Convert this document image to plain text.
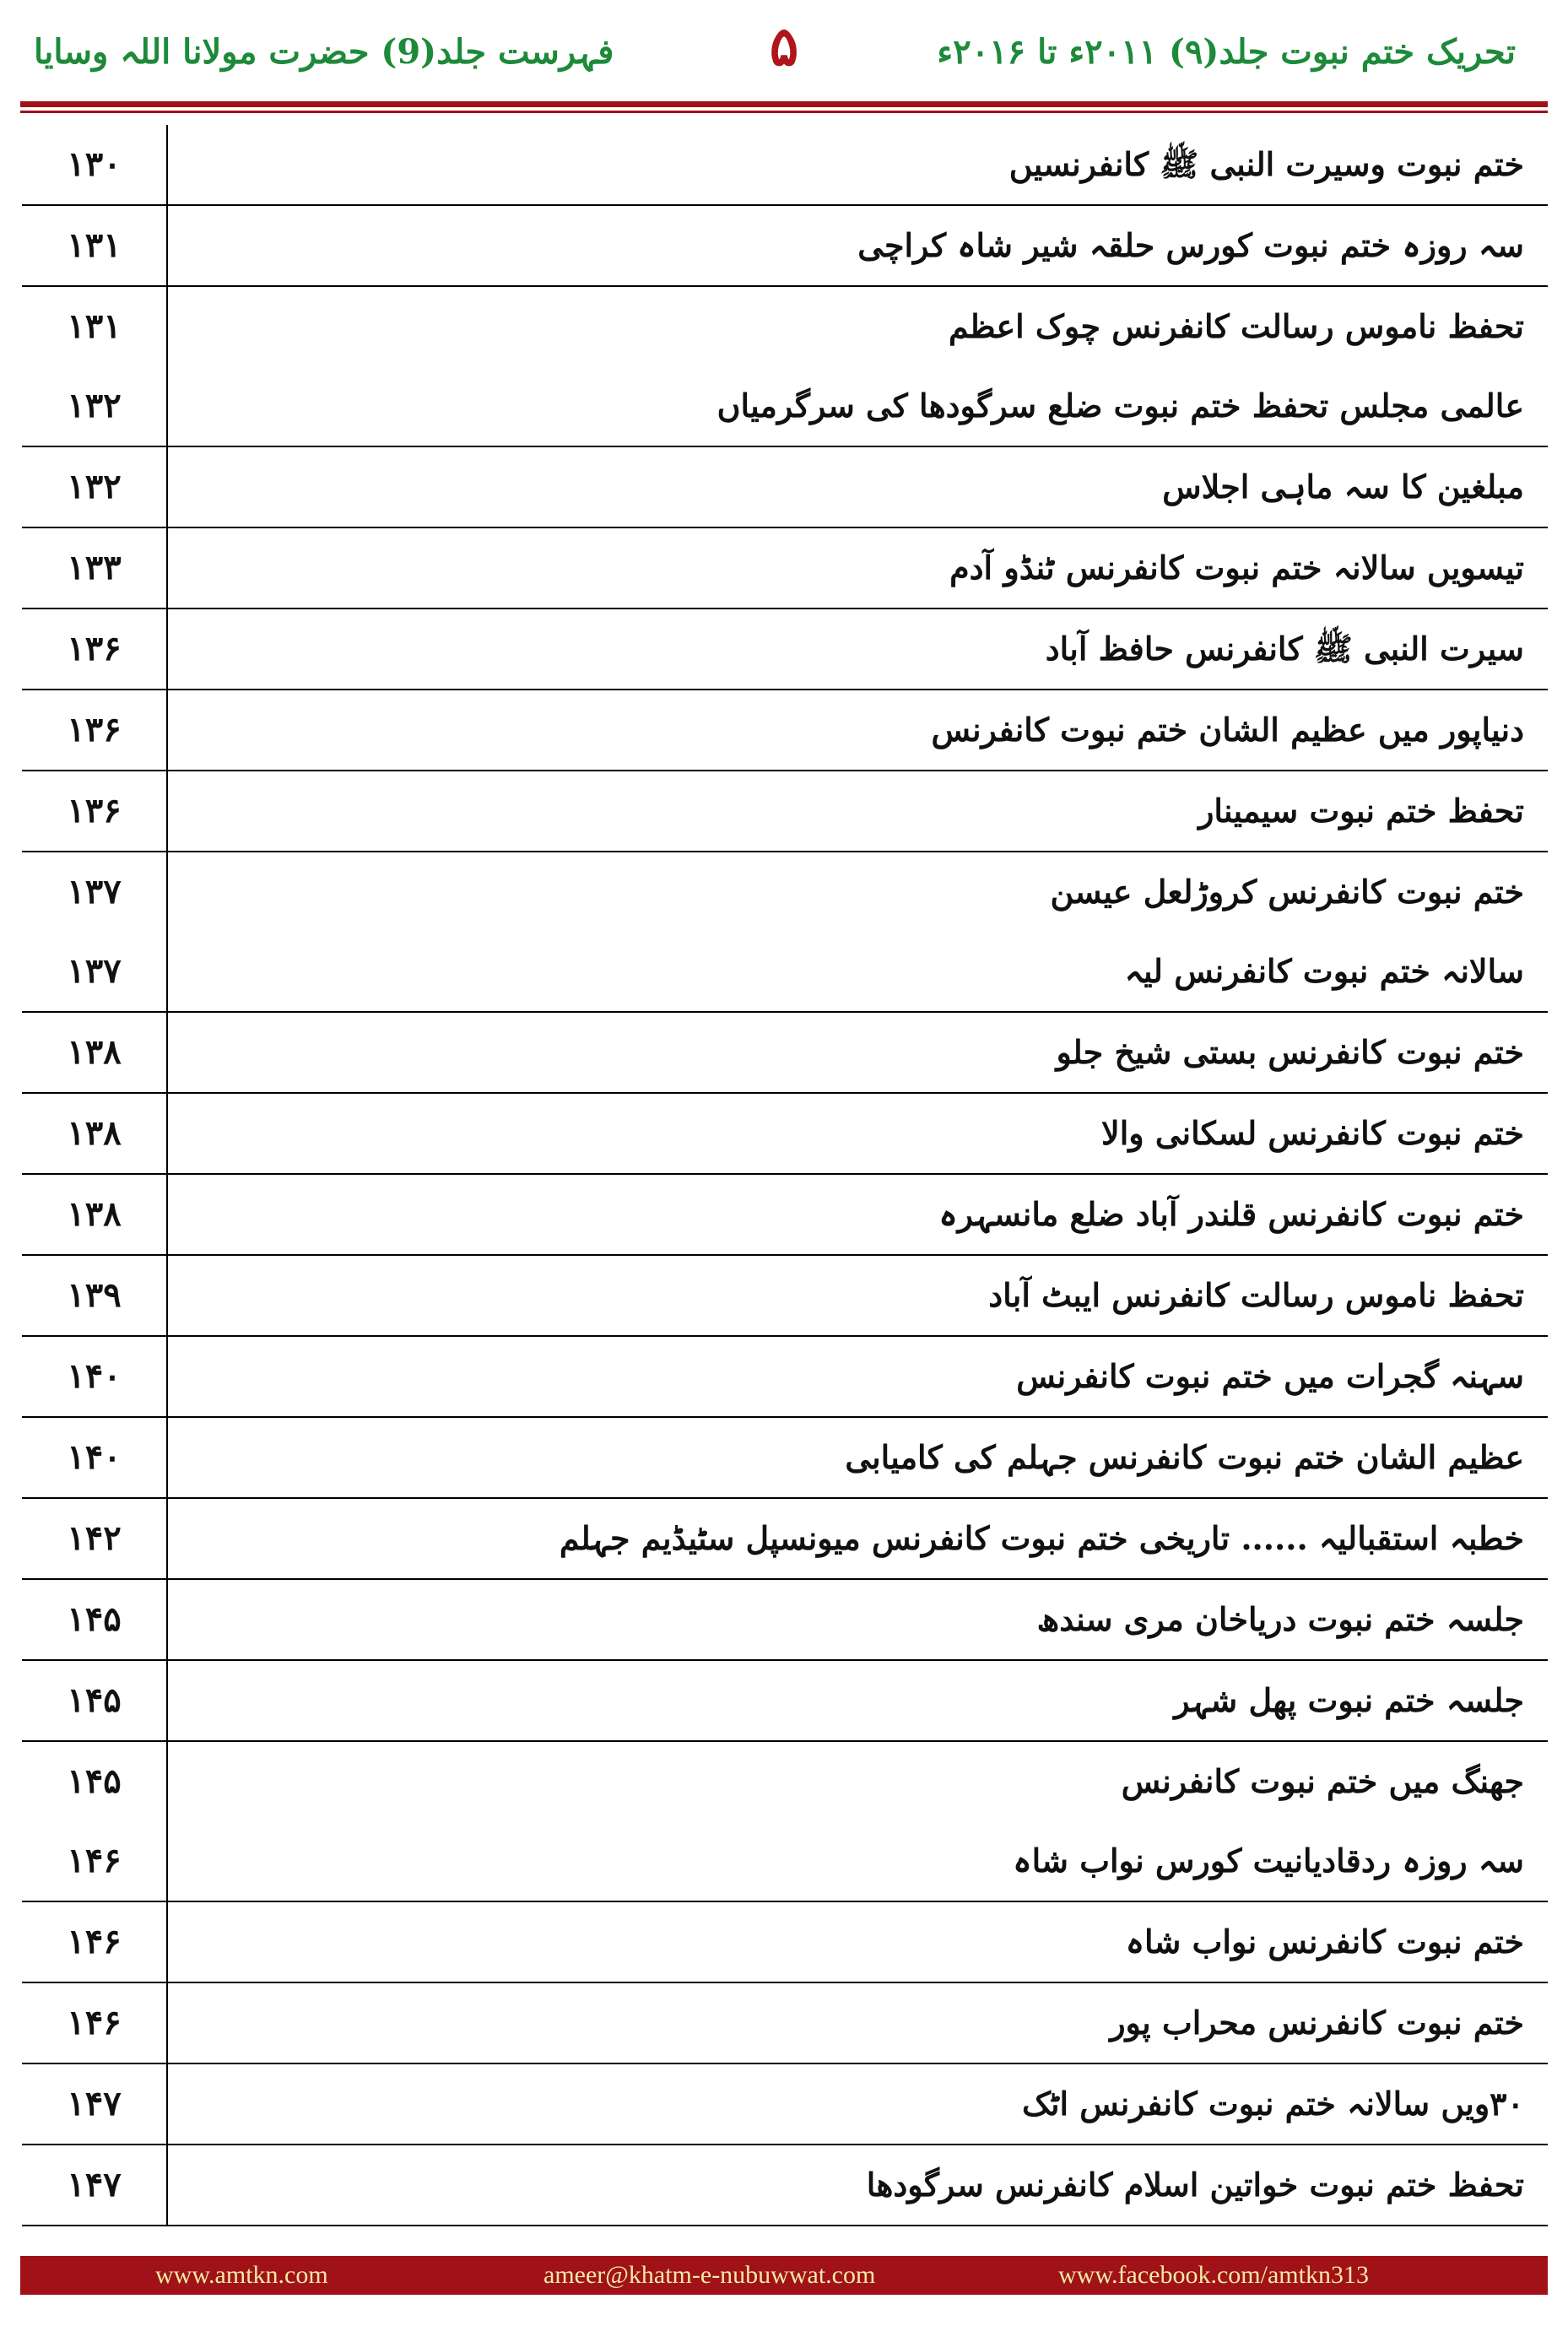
فہرست جلد(9) حضرت مولانا اللہ وسایا	۵	تحریک ختم نبوت جلد(۹) ۲۰۱۱ء تا ۲۰۱۶ء
ختم نبوت وسیرت النبی ﷺ کانفرنسیں
۱۳۰
سہ روزہ ختم نبوت کورس حلقہ شیر شاہ کراچی
۱۳۱
تحفظ ناموس رسالت کانفرنس چوک اعظم
۱۳۱
عالمی مجلس تحفظ ختم نبوت ضلع سرگودھا کی سرگرمیاں
۱۳۲
مبلغین کا سہ ماہی اجلاس
۱۳۲
تیسویں سالانہ ختم نبوت کانفرنس ٹنڈو آدم
۱۳۳
سیرت النبی ﷺ کانفرنس حافظ آباد
۱۳۶
دنیاپور میں عظیم الشان ختم نبوت کانفرنس
۱۳۶
تحفظ ختم نبوت سیمینار
۱۳۶
ختم نبوت کانفرنس کروڑلعل عیسن
۱۳۷
سالانہ ختم نبوت کانفرنس لیہ
۱۳۷
ختم نبوت کانفرنس بستی شیخ جلو
۱۳۸
ختم نبوت کانفرنس لسکانی والا
۱۳۸
ختم نبوت کانفرنس قلندر آباد ضلع مانسہرہ
۱۳۸
تحفظ ناموس رسالت کانفرنس ایبٹ آباد
۱۳۹
سہنہ گجرات میں ختم نبوت کانفرنس
۱۴۰
عظیم الشان ختم نبوت کانفرنس جہلم کی کامیابی
۱۴۰
خطبہ استقبالیہ ...... تاریخی ختم نبوت کانفرنس میونسپل سٹیڈیم جہلم
۱۴۲
جلسہ ختم نبوت دریاخان مری سندھ
۱۴۵
جلسہ ختم نبوت پھل شہر
۱۴۵
جھنگ میں ختم نبوت کانفرنس
۱۴۵
سہ روزہ ردقادیانیت کورس نواب شاہ
۱۴۶
ختم نبوت کانفرنس نواب شاہ
۱۴۶
ختم نبوت کانفرنس محراب پور
۱۴۶
۳۰ویں سالانہ ختم نبوت کانفرنس اٹک
۱۴۷
تحفظ ختم نبوت خواتین اسلام کانفرنس سرگودھا
۱۴۷
www.amtkn.com	ameer@khatm-e-nubuwwat.com	www.facebook.com/amtkn313
